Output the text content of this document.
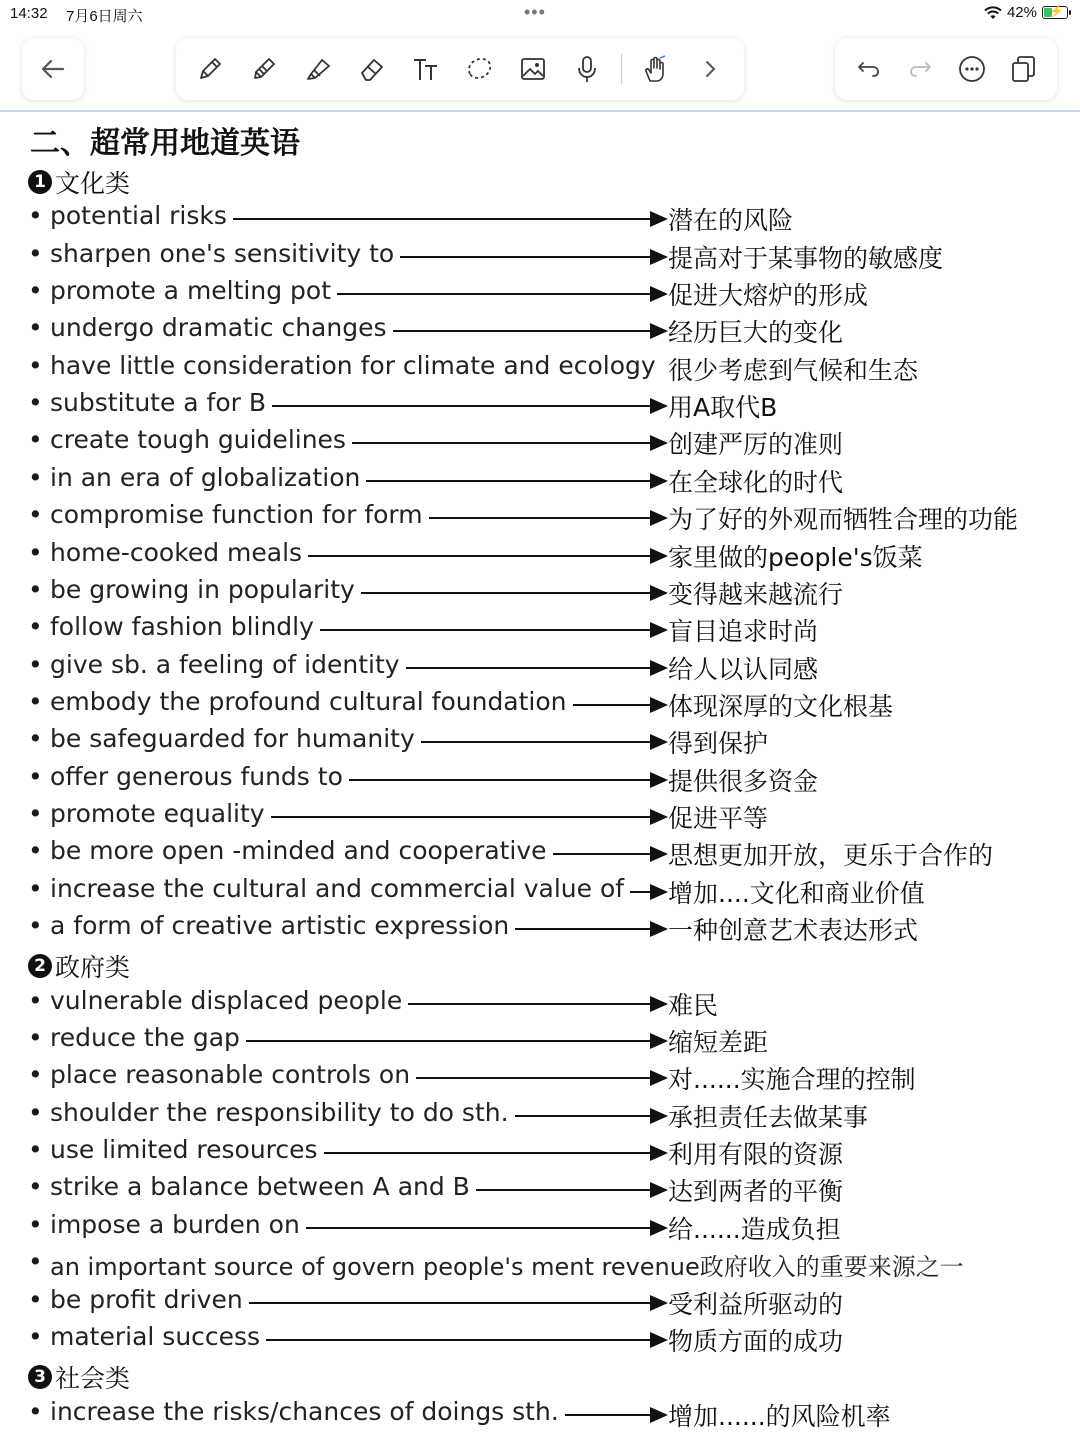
14:32 7月6日周六	•••	42% ⚡
二、超常用地道英语
1 文化类
• potential risks	潜在的风险
• sharpen one's sensitivity to	提高对于某事物的敏感度
• promote a melting pot	促进大熔炉的形成
• undergo dramatic changes	经历巨大的变化
• have little consideration for climate and ecology 很少考虑到气候和生态
• substitute a for B	用A取代B
• create tough guidelines	创建严厉的准则
• in an era of globalization	在全球化的时代
• compromise function for form	为了好的外观而牺牲合理的功能
• home-cooked meals	家里做的people's饭菜
• be growing in popularity	变得越来越流行
• follow fashion blindly	盲目追求时尚
• give sb. a feeling of identity	给人以认同感
• embody the profound cultural foundation	体现深厚的文化根基
• be safeguarded for humanity	得到保护
• offer generous funds to	提供很多资金
• promote equality	促进平等
• be more open -minded and cooperative	思想更加开放，更乐于合作的
• increase the cultural and commercial value of 增加....文化和商业价值
• a form of creative artistic expression	一种创意艺术表达形式
2 政府类
• vulnerable displaced people	难民
• reduce the gap	缩短差距
• place reasonable controls on	对......实施合理的控制
• shoulder the responsibility to do sth.	承担责任去做某事
• use limited resources	利用有限的资源
• strike a balance between A and B	达到两者的平衡
• impose a burden on	给......造成负担
• an important source of govern people's ment revenue政府收入的重要来源之一
• be profit driven	受利益所驱动的
• material success	物质方面的成功
3 社会类
• increase the risks/chances of doings sth.	增加......的风险机率
